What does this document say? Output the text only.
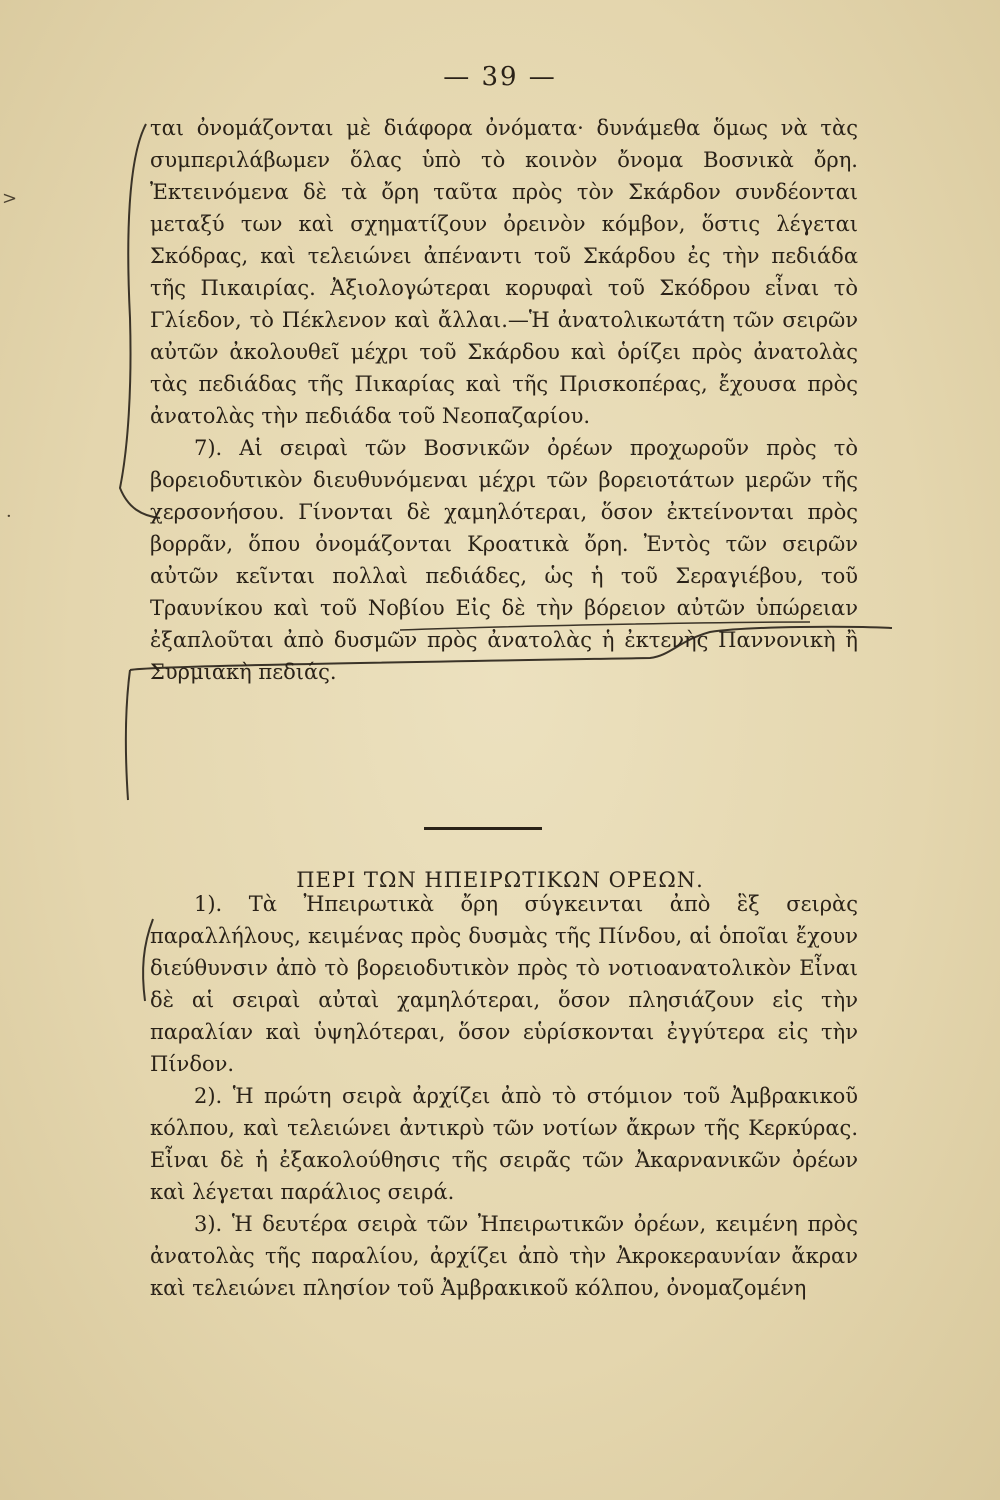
— 39 —
>
·

ται ὀνομάζονται μὲ διάφορα ὀνόματα· δυνάμεθα ὅμως νὰ τὰς συμπεριλάβωμεν ὅλας ὑπὸ τὸ κοινὸν ὄνομα Βοσνικὰ ὄρη. Ἐκτεινόμενα δὲ τὰ ὄρη ταῦτα πρὸς τὸν Σκάρδον συνδέονται μεταξύ των καὶ σχηματίζουν ὀρεινὸν κόμβον, ὅστις λέγεται Σκόδρας, καὶ τελειώνει ἀπέναντι τοῦ Σκάρδου ἐς τὴν πεδιάδα τῆς Πικαιρίας. Ἀξιολογώτεραι κορυφαὶ τοῦ Σκόδρου εἶναι τὸ Γλίεδον, τὸ Πέκλενον καὶ ἄλλαι.—Ἡ ἀνατολικωτάτη τῶν σειρῶν αὐτῶν ἀκολουθεῖ μέχρι τοῦ Σκάρδου καὶ ὁρίζει πρὸς ἀνατολὰς τὰς πεδιάδας τῆς Πικαρίας καὶ τῆς Πρισκοπέρας, ἔχουσα πρὸς ἀνατολὰς τὴν πεδιάδα τοῦ Νεοπαζαρίου.

7). Αἱ σειραὶ τῶν Βοσνικῶν ὀρέων προχωροῦν πρὸς τὸ βορειοδυτικὸν διευθυνόμεναι μέχρι τῶν βορειοτάτων μερῶν τῆς χερσονήσου. Γίνονται δὲ χαμηλότεραι, ὅσον ἐκτείνονται πρὸς βορρᾶν, ὅπου ὀνομάζονται Κροατικὰ ὄρη. Ἐντὸς τῶν σειρῶν αὐτῶν κεῖνται πολλαὶ πεδιάδες, ὡς ἡ τοῦ Σεραγιέβου, τοῦ Τραυνίκου καὶ τοῦ Νοβίου Εἰς δὲ τὴν βόρειον αὐτῶν ὑπώρειαν ἐξαπλοῦται ἀπὸ δυσμῶν πρὸς ἀνατολὰς ἡ ἐκτενὴς Παννονικὴ ἢ Συρμιακὴ πεδιάς.

ΠΕΡΙ ΤΩΝ ΗΠΕΙΡΩΤΙΚΩΝ ΟΡΕΩΝ.

1). Τὰ Ἠπειρωτικὰ ὄρη σύγκεινται ἀπὸ ἓξ σειρὰς παραλλήλους, κειμένας πρὸς δυσμὰς τῆς Πίνδου, αἱ ὁποῖαι ἔχουν διεύθυνσιν ἀπὸ τὸ βορειοδυτικὸν πρὸς τὸ νοτιοανατολικὸν Εἶναι δὲ αἱ σειραὶ αὐταὶ χαμηλότεραι, ὅσον πλησιάζουν εἰς τὴν παραλίαν καὶ ὑψηλότεραι, ὅσον εὑρίσκονται ἐγγύτερα εἰς τὴν Πίνδον.

2). Ἡ πρώτη σειρὰ ἀρχίζει ἀπὸ τὸ στόμιον τοῦ Ἀμβρακικοῦ κόλπου, καὶ τελειώνει ἀντικρὺ τῶν νοτίων ἄκρων τῆς Κερκύρας. Εἶναι δὲ ἡ ἐξακολούθησις τῆς σειρᾶς τῶν Ἀκαρνανικῶν ὀρέων καὶ λέγεται παράλιος σειρά.

3). Ἡ δευτέρα σειρὰ τῶν Ἠπειρωτικῶν ὀρέων, κειμένη πρὸς ἀνατολὰς τῆς παραλίου, ἀρχίζει ἀπὸ τὴν Ἀκροκεραυνίαν ἄκραν καὶ τελειώνει πλησίον τοῦ Ἀμβρακικοῦ κόλπου, ὀνομαζομένη
